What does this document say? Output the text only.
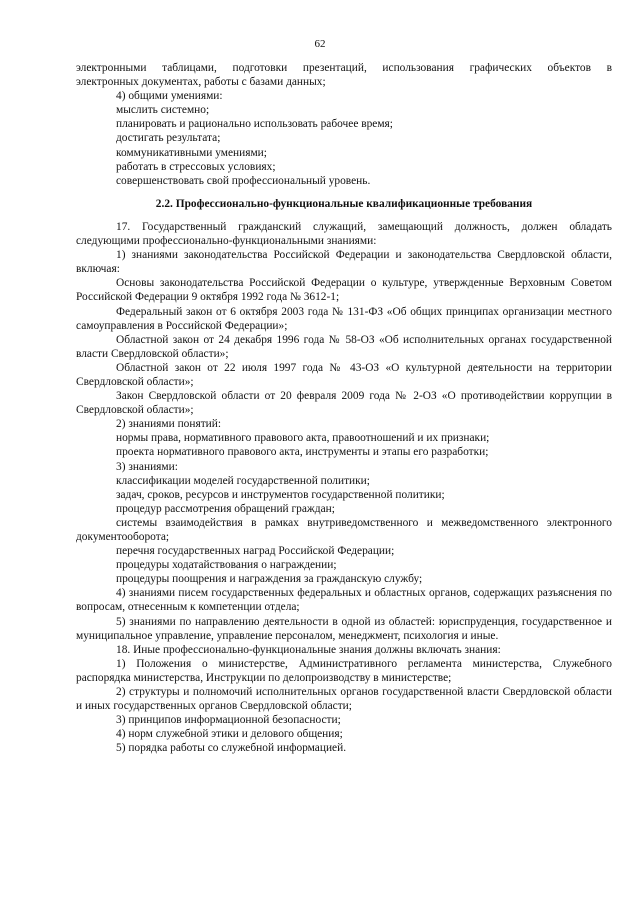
62

электронными таблицами, подготовки презентаций, использования графических объектов в

электронных документах, работы с базами данных;

4) общими умениями:

мыслить системно;

планировать и рационально использовать рабочее время;

достигать результата;

коммуникативными умениями;

работать в стрессовых условиях;

совершенствовать свой профессиональный уровень.

2.2. Профессионально-функциональные квалификационные требования

17. Государственный гражданский служащий, замещающий должность, должен обладать следующими профессионально-функциональными знаниями:

1) знаниями законодательства Российской Федерации и законодательства Свердловской области, включая:

Основы законодательства Российской Федерации о культуре, утвержденные Верховным Советом Российской Федерации 9 октября 1992 года № 3612-1;

Федеральный закон от 6 октября 2003 года № 131-ФЗ «Об общих принципах организации местного самоуправления в Российской Федерации»;

Областной закон от 24 декабря 1996 года № 58-ОЗ «Об исполнительных органах государственной власти Свердловской области»;

Областной закон от 22 июля 1997 года № 43-ОЗ «О культурной деятельности на территории Свердловской области»;

Закон Свердловской области от 20 февраля 2009 года № 2-ОЗ «О противодействии коррупции в Свердловской области»;

2) знаниями понятий:

нормы права, нормативного правового акта, правоотношений и их признаки;

проекта нормативного правового акта, инструменты и этапы его разработки;

3) знаниями:

классификации моделей государственной политики;

задач, сроков, ресурсов и инструментов государственной политики;

процедур рассмотрения обращений граждан;

системы взаимодействия в рамках внутриведомственного и межведомственного электронного документооборота;

перечня государственных наград Российской Федерации;

процедуры ходатайствования о награждении;

процедуры поощрения и награждения за гражданскую службу;

4) знаниями писем государственных федеральных и областных органов, содержащих разъяснения по вопросам, отнесенным к компетенции отдела;

5) знаниями по направлению деятельности в одной из областей: юриспруденция, государственное и муниципальное управление, управление персоналом, менеджмент, психология и иные.

18. Иные профессионально-функциональные знания должны включать знания:

1) Положения о министерстве, Административного регламента министерства, Служебного распорядка министерства, Инструкции по делопроизводству в министерстве;

2) структуры и полномочий исполнительных органов государственной власти Свердловской области и иных государственных органов Свердловской области;

3) принципов информационной безопасности;

4) норм служебной этики и делового общения;

5) порядка работы со служебной информацией.
